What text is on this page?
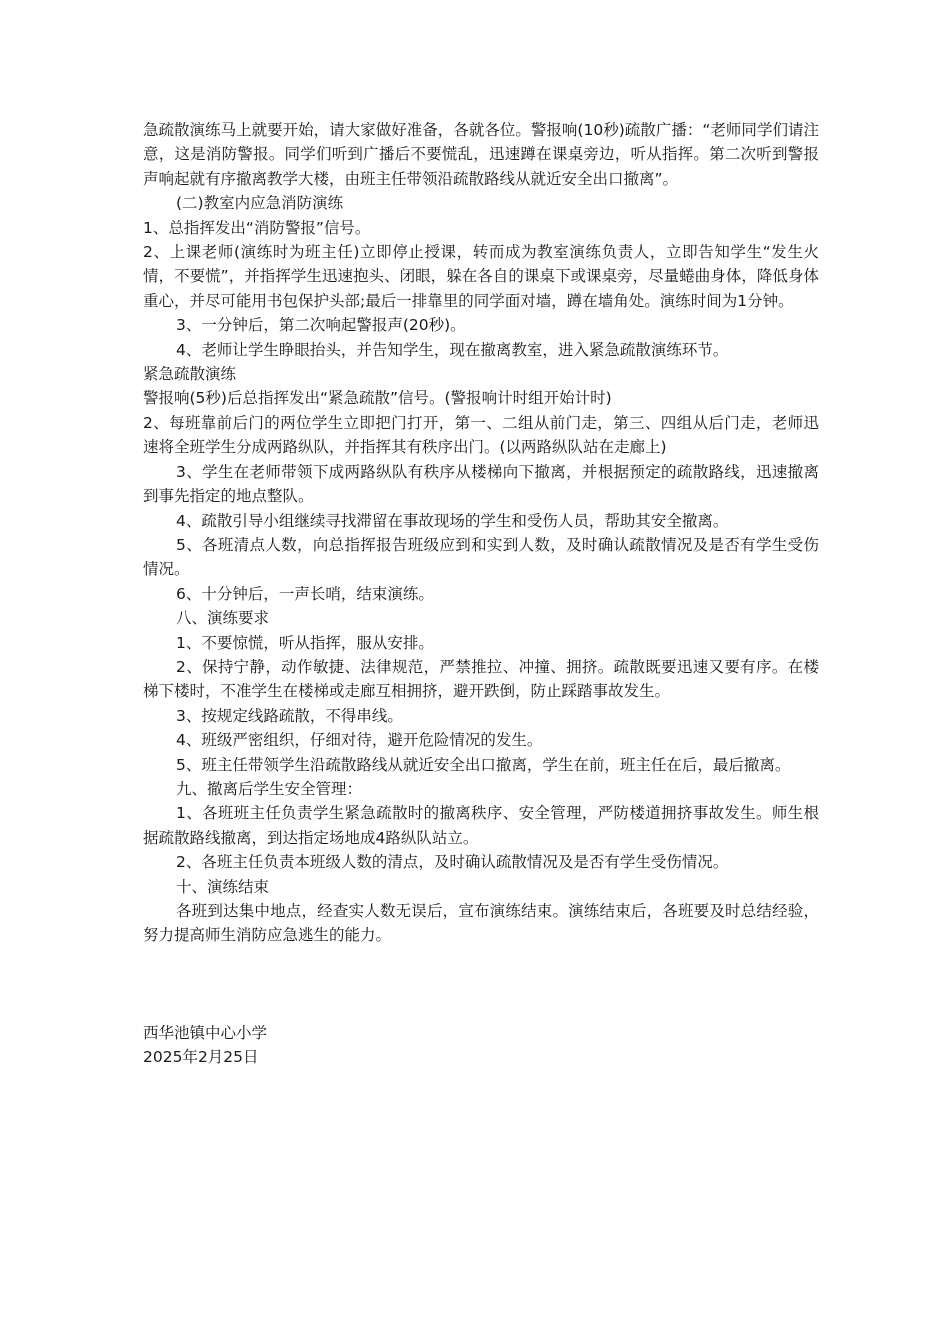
急疏散演练马上就要开始，请大家做好准备，各就各位。警报响(10秒)疏散广播：“老师同学们请注意，这是消防警报。同学们听到广播后不要慌乱，迅速蹲在课桌旁边，听从指挥。第二次听到警报声响起就有序撤离教学大楼，由班主任带领沿疏散路线从就近安全出口撤离”。

(二)教室内应急消防演练

1、总指挥发出“消防警报”信号。

2、上课老师(演练时为班主任)立即停止授课，转而成为教室演练负责人，立即告知学生“发生火情，不要慌”，并指挥学生迅速抱头、闭眼，躲在各自的课桌下或课桌旁，尽量蜷曲身体，降低身体重心，并尽可能用书包保护头部;最后一排靠里的同学面对墙，蹲在墙角处。演练时间为1分钟。

3、一分钟后，第二次响起警报声(20秒)。

4、老师让学生睁眼抬头，并告知学生，现在撤离教室，进入紧急疏散演练环节。

紧急疏散演练

警报响(5秒)后总指挥发出“紧急疏散”信号。(警报响计时组开始计时)

2、每班靠前后门的两位学生立即把门打开，第一、二组从前门走，第三、四组从后门走，老师迅速将全班学生分成两路纵队，并指挥其有秩序出门。(以两路纵队站在走廊上)

3、学生在老师带领下成两路纵队有秩序从楼梯向下撤离，并根据预定的疏散路线，迅速撤离到事先指定的地点整队。

4、疏散引导小组继续寻找滞留在事故现场的学生和受伤人员，帮助其安全撤离。

5、各班清点人数，向总指挥报告班级应到和实到人数，及时确认疏散情况及是否有学生受伤情况。

6、十分钟后，一声长哨，结束演练。

八、演练要求

1、不要惊慌，听从指挥，服从安排。

2、保持宁静，动作敏捷、法律规范，严禁推拉、冲撞、拥挤。疏散既要迅速又要有序。在楼梯下楼时，不准学生在楼梯或走廊互相拥挤，避开跌倒，防止踩踏事故发生。

3、按规定线路疏散，不得串线。

4、班级严密组织，仔细对待，避开危险情况的发生。

5、班主任带领学生沿疏散路线从就近安全出口撤离，学生在前，班主任在后，最后撤离。

九、撤离后学生安全管理：

1、各班班主任负责学生紧急疏散时的撤离秩序、安全管理，严防楼道拥挤事故发生。师生根据疏散路线撤离，到达指定场地成4路纵队站立。

2、各班主任负责本班级人数的清点，及时确认疏散情况及是否有学生受伤情况。

十、演练结束

各班到达集中地点，经查实人数无误后，宣布演练结束。演练结束后，各班要及时总结经验，努力提高师生消防应急逃生的能力。

西华池镇中心小学

2025年2月25日
